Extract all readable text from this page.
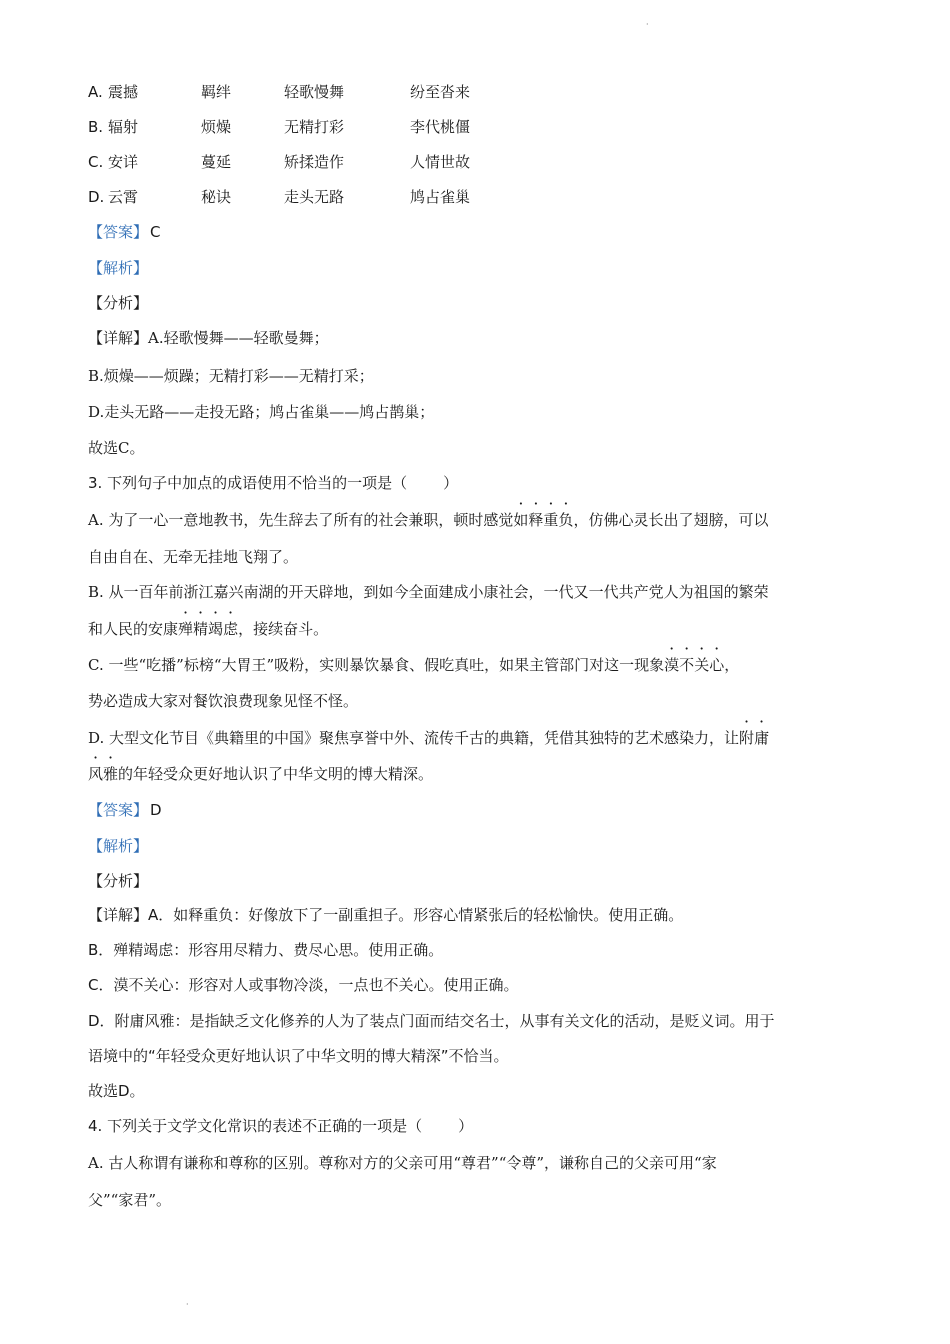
A. 震撼	羁绊	轻歌慢舞	纷至沓来
B. 辐射	烦燥	无精打彩	李代桃僵
C. 安详	蔓延	矫揉造作	人情世故
D. 云霄	秘诀	走头无路	鸠占雀巢
【答案】 C
【解析】
【分析】
【详解】A.轻歌慢舞——轻歌曼舞；
B.烦燥——烦躁；无精打彩——无精打采；
D.走头无路——走投无路；鸠占雀巢——鸠占鹊巢；
故选C。
3. 下列句子中加点的成语使用不恰当的一项是（ ）
A. 为了一心一意地教书，先生辞去了所有的社会兼职，顿时感觉如释重负，仿佛心灵长出了翅膀，可以
自由自在、无牵无挂地飞翔了。
B. 从一百年前浙江嘉兴南湖的开天辟地，到如今全面建成小康社会，一代又一代共产党人为祖国的繁荣
和人民的安康殚精竭虑，接续奋斗。
C. 一些“吃播”标榜“大胃王”吸粉，实则暴饮暴食、假吃真吐，如果主管部门对这一现象漠不关心，
势必造成大家对餐饮浪费现象见怪不怪。
D. 大型文化节目《典籍里的中国》聚焦享誉中外、流传千古的典籍，凭借其独特的艺术感染力，让附庸
风雅的年轻受众更好地认识了中华文明的博大精深。
【答案】 D
【解析】
【分析】
【详解】A．如释重负：好像放下了一副重担子。形容心情紧张后的轻松愉快。使用正确。
B．殚精竭虑：形容用尽精力、费尽心思。使用正确。
C．漠不关心：形容对人或事物冷淡，一点也不关心。使用正确。
D．附庸风雅：是指缺乏文化修养的人为了装点门面而结交名士，从事有关文化的活动，是贬义词。用于
语境中的“年轻受众更好地认识了中华文明的博大精深”不恰当。
故选D。
4. 下列关于文学文化常识的表述不正确的一项是（ ）
A. 古人称谓有谦称和尊称的区别。尊称对方的父亲可用“尊君”“令尊”，谦称自己的父亲可用“家
父”“家君”。
·
·
